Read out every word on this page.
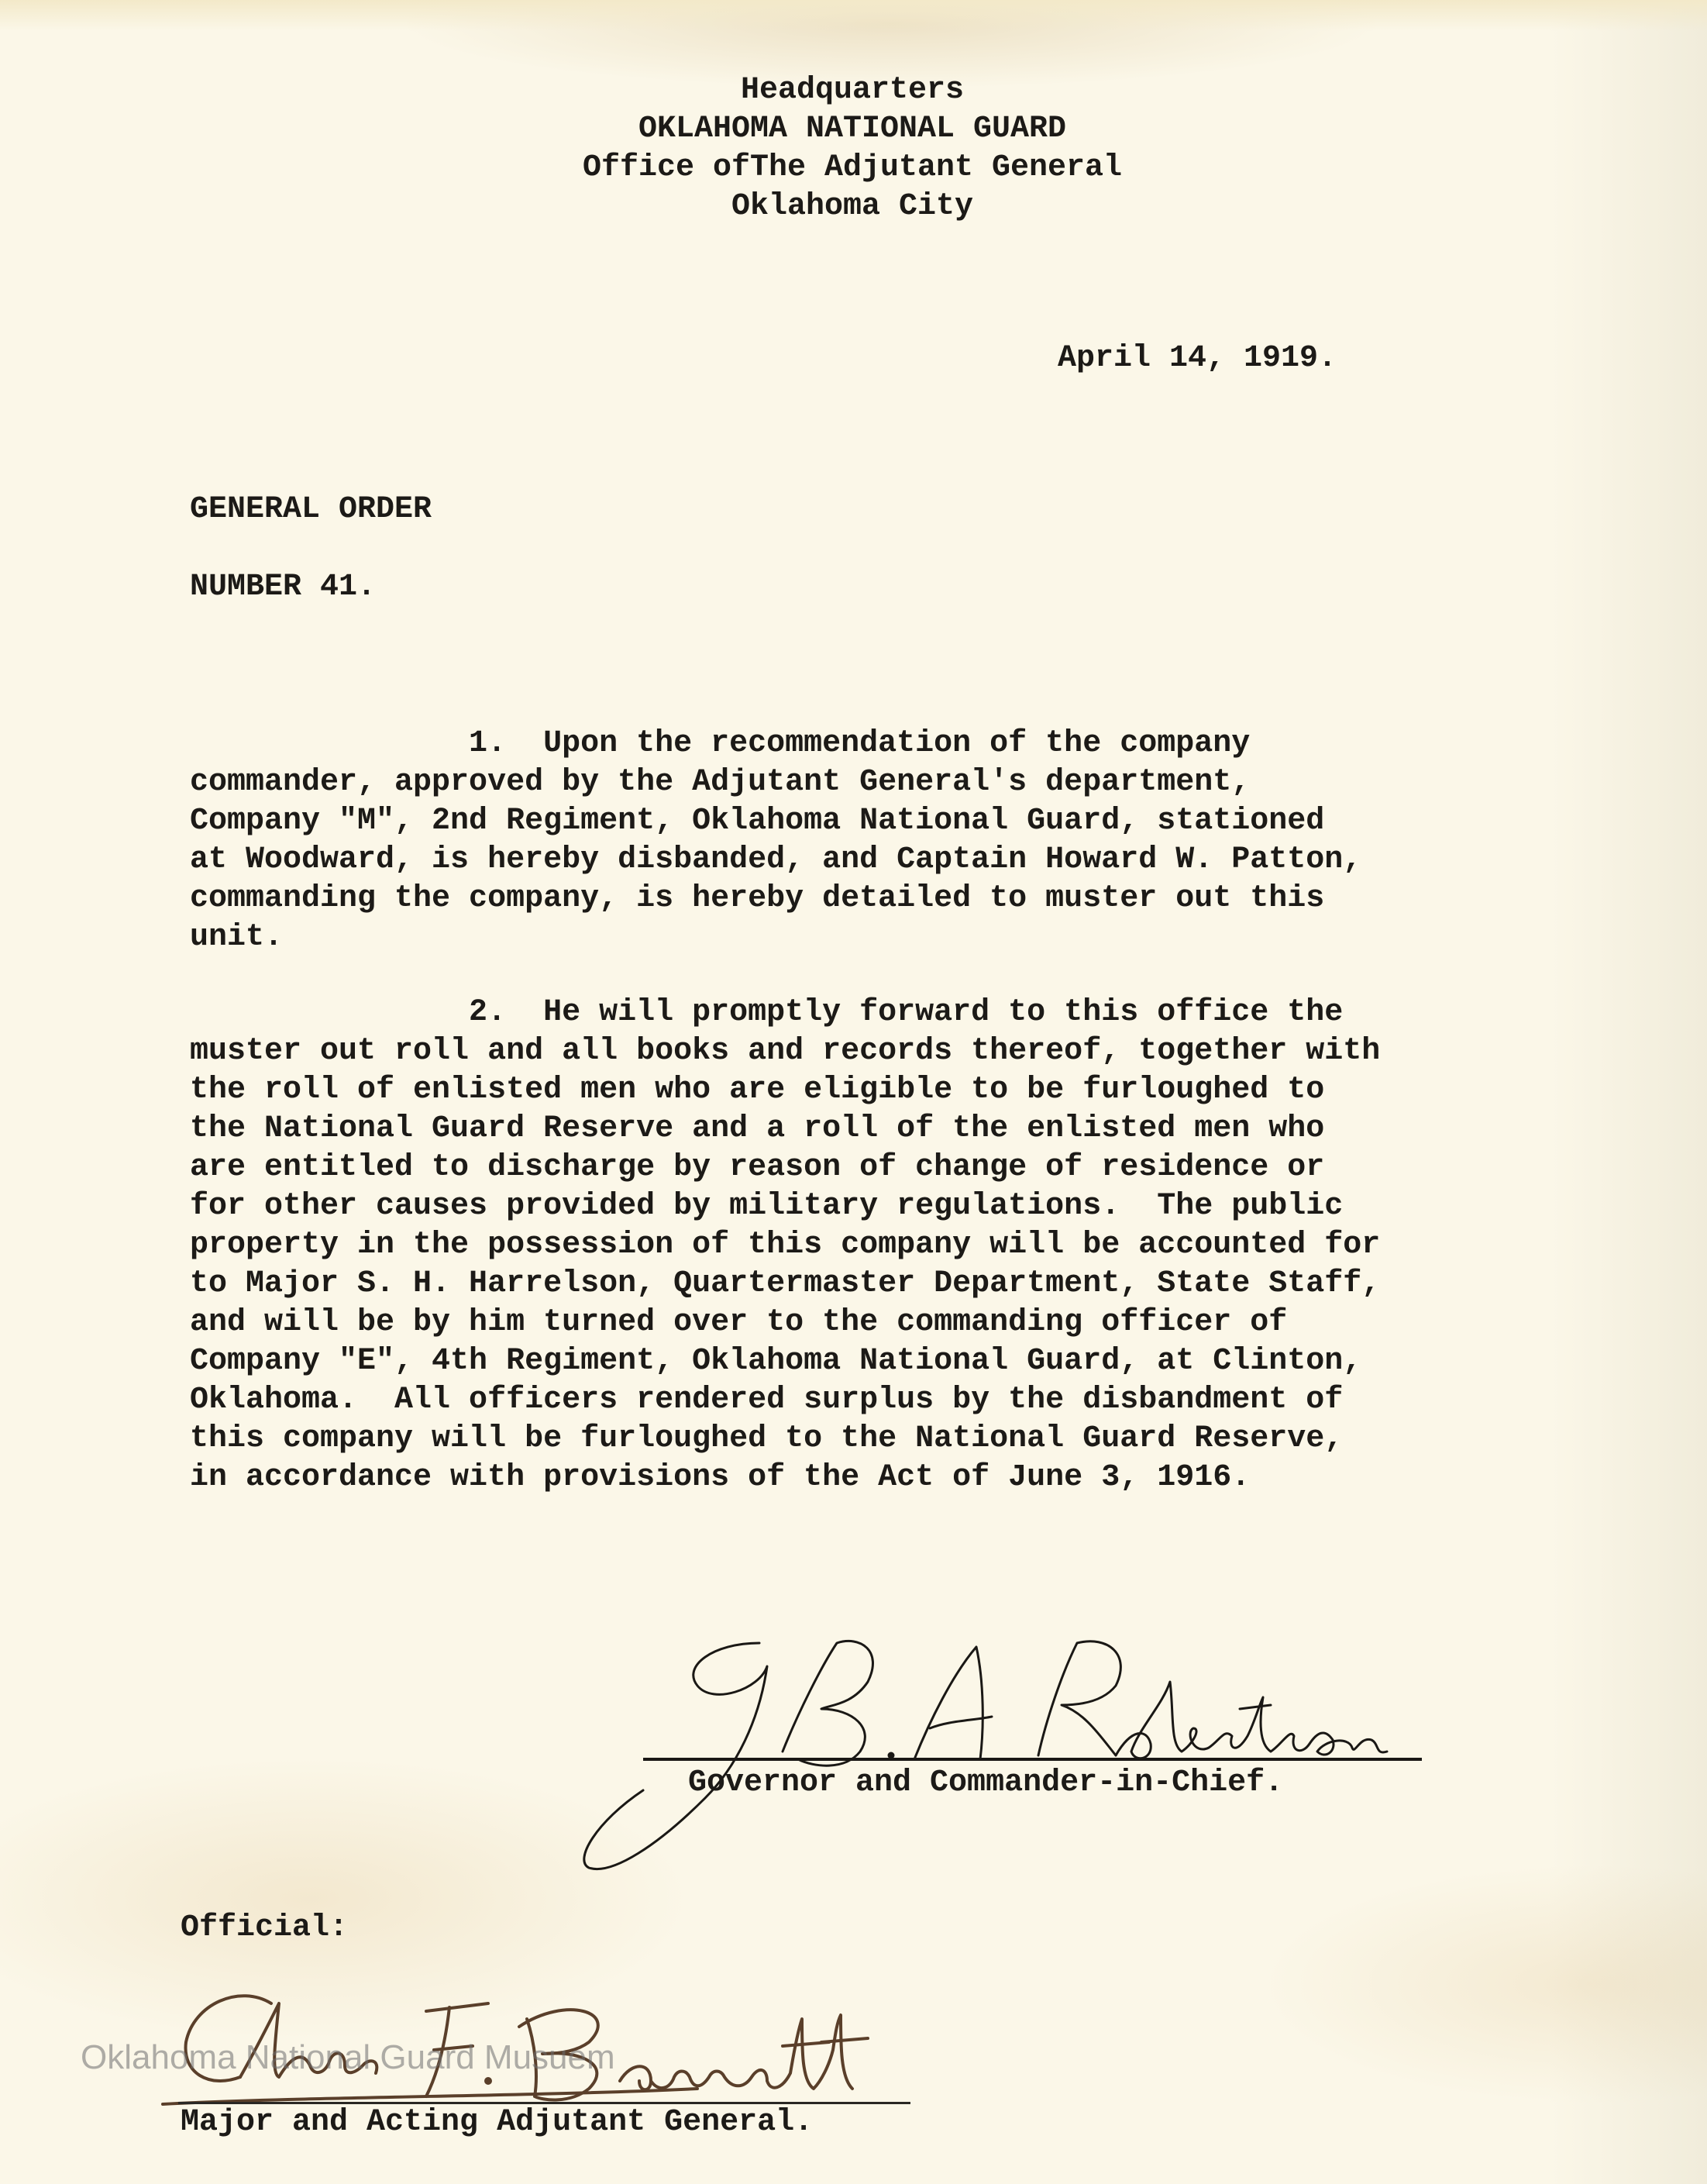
Headquarters
OKLAHOMA NATIONAL GUARD
Office ofThe Adjutant General
Oklahoma City
April 14, 1919.
GENERAL ORDER
NUMBER 41.
1.  Upon the recommendation of the company
commander, approved by the Adjutant General's department,
Company "M", 2nd Regiment, Oklahoma National Guard, stationed
at Woodward, is hereby disbanded, and Captain Howard W. Patton,
commanding the company, is hereby detailed to muster out this
unit.
2.  He will promptly forward to this office the
muster out roll and all books and records thereof, together with
the roll of enlisted men who are eligible to be furloughed to
the National Guard Reserve and a roll of the enlisted men who
are entitled to discharge by reason of change of residence or
for other causes provided by military regulations.  The public
property in the possession of this company will be accounted for
to Major S. H. Harrelson, Quartermaster Department, State Staff,
and will be by him turned over to the commanding officer of
Company "E", 4th Regiment, Oklahoma National Guard, at Clinton,
Oklahoma.  All officers rendered surplus by the disbandment of
this company will be furloughed to the National Guard Reserve,
in accordance with provisions of the Act of June 3, 1916.
Governor and Commander-in-Chief.
Official:
Oklahoma National Guard Musuem
Major and Acting Adjutant General.
